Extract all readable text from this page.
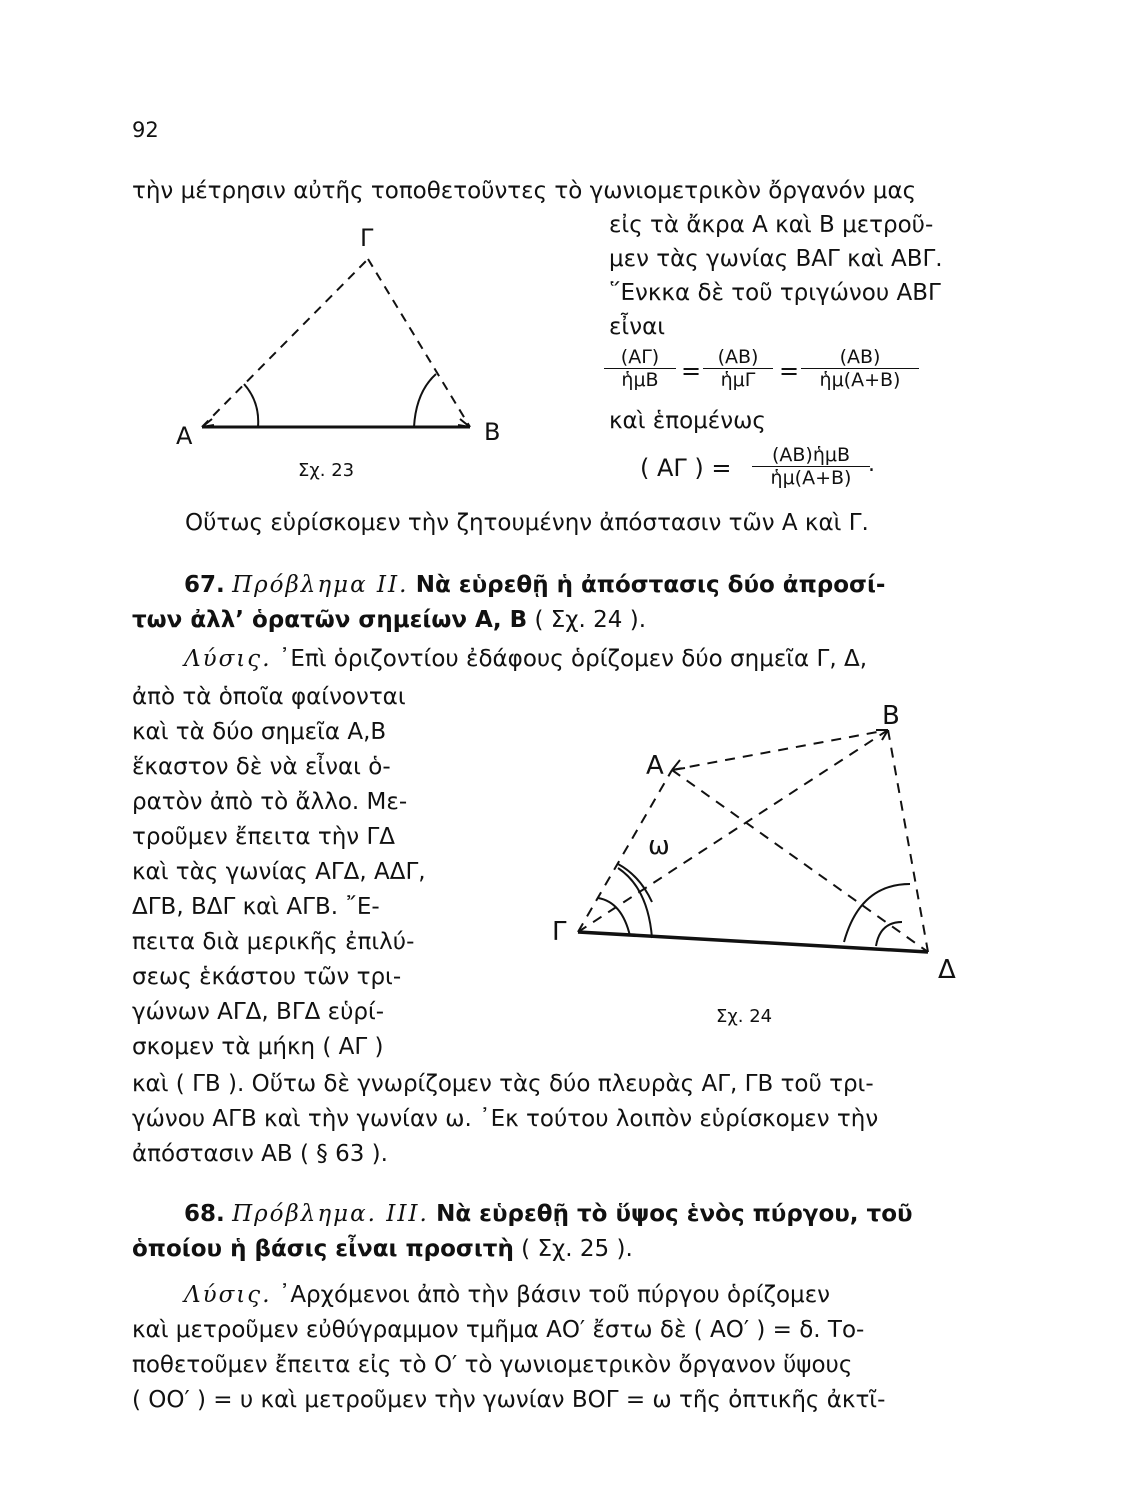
92
τὴν μέτρησιν αὐτῆς τοποθετοῦντες τὸ γωνιομετρικὸν ὄργανόν μας
εἰς τὰ ἄκρα Α καὶ Β μετροῦ-
μεν τὰς γωνίας ΒΑΓ καὶ ΑΒΓ.
῞Ενκκα δὲ τοῦ τριγώνου ΑΒΓ
εἶναι
(ΑΓ)
ἡμΒ = (ΑΒ)
ἡμΓ = $\frac{(AB)}{\text{ἡμ(Α+Β)}}$
καὶ ἑπομένως
( ΑΓ ) =	(ΑΒ)ἡμΒ
ἡμ(Α+Β)
.
Α	Β
Γ
Σχ. 23
Οὕτως εὑρίσκομεν τὴν ζητουμένην ἀπόστασιν τῶν Α καὶ Γ.
67. Πρόβλημα II. Νὰ εὑρεθῇ ἡ ἀπόστασις δύο ἀπροσί-
των ἀλλ’ ὁρατῶν σημείων Α, Β ( Σχ. 24 ).
Λύσις. ᾿Επὶ ὁριζοντίου ἐδάφους ὁρίζομεν δύο σημεῖα Γ, Δ,
ἀπὸ τὰ ὁποῖα φαίνονται
καὶ τὰ δύο σημεῖα Α,Β
ἕκαστον δὲ νὰ εἶναι ὁ-
ρατὸν ἀπὸ τὸ ἄλλο. Με-
τροῦμεν ἔπειτα τὴν ΓΔ
καὶ τὰς γωνίας ΑΓΔ, ΑΔΓ,
ΔΓΒ, ΒΔΓ καὶ ΑΓΒ. ῎Ε-
πειτα διὰ μερικῆς ἐπιλύ-
σεως ἑκάστου τῶν τρι-
γώνων ΑΓΔ, ΒΓΔ εὑρί-
σκομεν τὰ μήκη ( ΑΓ )
Α
Β
Γ
Δ
ω
Σχ. 24
καὶ ( ΓΒ ). Οὕτω δὲ γνωρίζομεν τὰς δύο πλευρὰς ΑΓ, ΓΒ τοῦ τρι-
γώνου ΑΓΒ καὶ τὴν γωνίαν ω. ᾿Εκ τούτου λοιπὸν εὑρίσκομεν τὴν
ἀπόστασιν ΑΒ ( § 63 ).
68. Πρόβλημα. III. Νὰ εὑρεθῇ τὸ ὕψος ἑνὸς πύργου, τοῦ
ὁποίου ἡ βάσις εἶναι προσιτὴ ( Σχ. 25 ).
Λύσις. ᾿Αρχόμενοι ἀπὸ τὴν βάσιν τοῦ πύργου ὁρίζομεν
καὶ μετροῦμεν εὐθύγραμμον τμῆμα ΑΟ′ ἔστω δὲ ( ΑΟ′ ) = δ. Το-
ποθετοῦμεν ἔπειτα εἰς τὸ Ο′ τὸ γωνιομετρικὸν ὄργανον ὕψους
( ΟΟ′ ) = υ καὶ μετροῦμεν τὴν γωνίαν ΒΟΓ = ω τῆς ὀπτικῆς ἀκτῖ-
